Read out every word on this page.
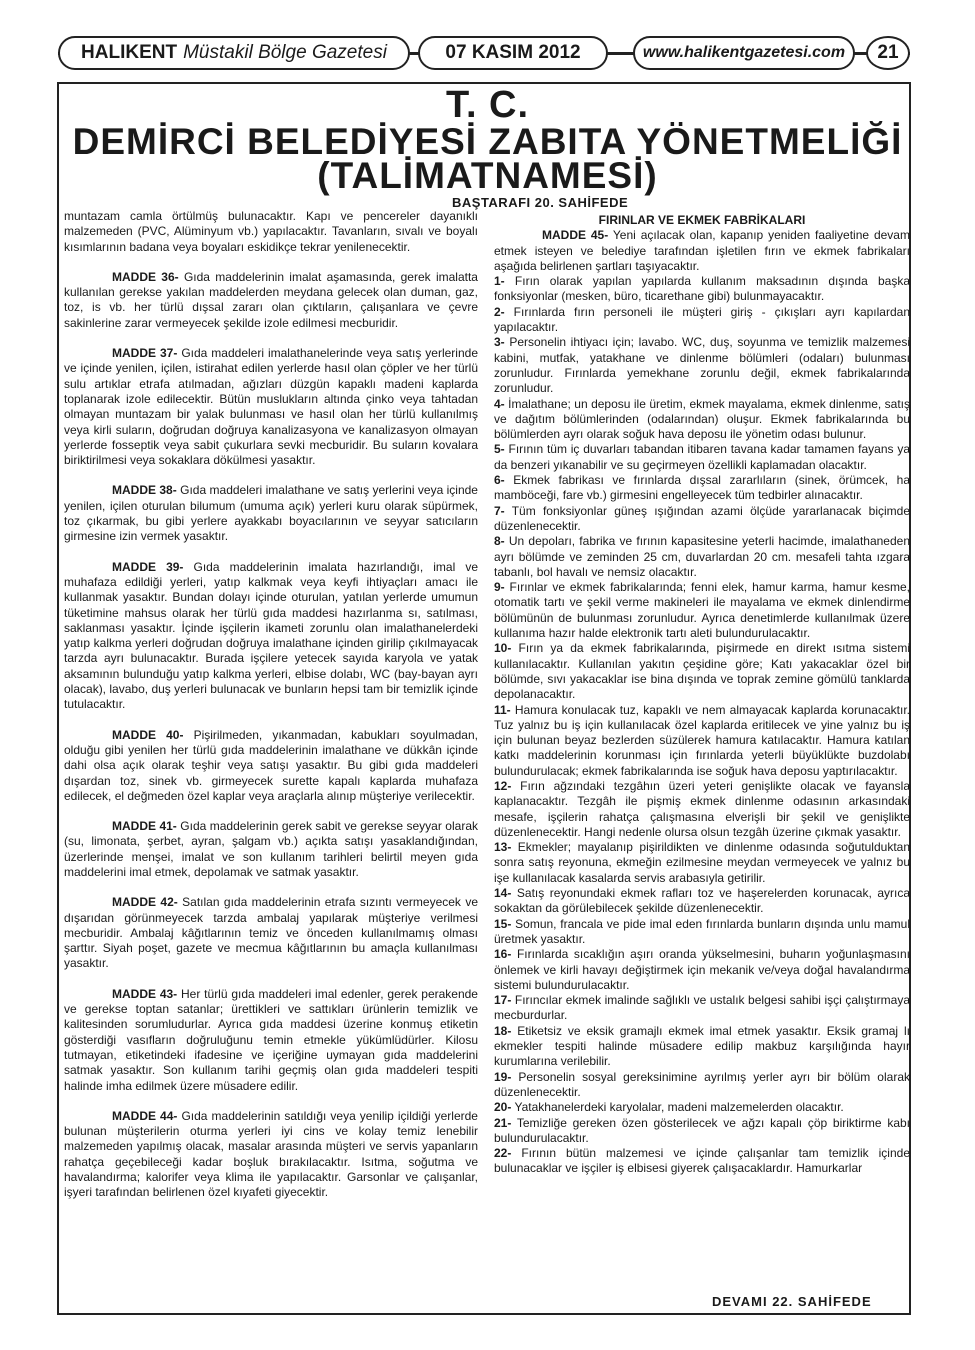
HALIKENT Müstakil Bölge Gazetesi	07 KASIM 2012	www.halikentgazetesi.com	21
T. C.
DEMİRCİ BELEDİYESİ ZABITA YÖNETMELİĞİ
(TALİMATNAMESİ)
BAŞTARAFI 20. SAHİFEDE

muntazam camla örtülmüş bulunacaktır. Kapı ve pencereler dayanıklı malzemeden (PVC, Alüminyum vb.) yapılacaktır. Tavanların, sıvalı ve boyalı kısımlarının badana veya boyaları eskidikçe tekrar yenilenecektir.

MADDE 36- Gıda maddelerinin imalat aşamasında, gerek imalatta kullanılan gerekse yakılan maddelerden meydana gelecek olan duman, gaz, toz, is vb. her türlü dışsal zararı olan çıktıların, çalışanlara ve çevre sakinlerine zarar vermeyecek şekilde izole edilmesi mecburidir.

MADDE 37- Gıda maddeleri imalathanelerinde veya satış yerlerinde ve içinde yenilen, içilen, istirahat edilen yerlerde hasıl olan çöpler ve her türlü sulu artıklar etrafa atılmadan, ağızları düzgün kapaklı madeni kaplarda toplanarak izole edilecektir. Bütün muslukların altında çinko veya tahtadan olmayan muntazam bir yalak bulunması ve hasıl olan her türlü kullanılmış veya kirli suların, doğrudan doğruya kanalizasyona ve kanalizasyon olmayan yerlerde fosseptik veya sabit çukurlara sevki mecburidir. Bu suların kovalara biriktirilmesi veya sokaklara dökülmesi yasaktır.

MADDE 38- Gıda maddeleri imalathane ve satış yerlerini veya içinde yenilen, içilen oturulan bilumum (umuma açık) yerleri kuru olarak süpürmek, toz çıkarmak, bu gibi yerlere ayakkabı boyacılarının ve seyyar satıcıların girmesine izin vermek yasaktır.

MADDE 39- Gıda maddelerinin imalata hazırlandığı, imal ve muhafaza edildiği yerleri, yatıp kalkmak veya keyfi ihtiyaçları amacı ile kullanmak yasaktır. Bundan dolayı içinde oturulan, yatılan yerlerde umumun tüketimine mahsus olarak her türlü gıda maddesi hazırlanma sı, satılması, saklanması yasaktır. İçinde işçilerin ikameti zorunlu olan imalathanelerdeki yatıp kalkma yerleri doğrudan doğruya imalathane içinden girilip çıkılmayacak tarzda ayrı bulunacaktır. Burada işçilere yetecek sayıda karyola ve yatak aksamının bulunduğu yatıp kalkma yerleri, elbise dolabı, WC (bay-bayan ayrı olacak), lavabo, duş yerleri bulunacak ve bunların hepsi tam bir temizlik içinde tutulacaktır.

MADDE 40- Pişirilmeden, yıkanmadan, kabukları soyulmadan, olduğu gibi yenilen her türlü gıda maddelerinin imalathane ve dükkân içinde dahi olsa açık olarak teşhir veya satışı yasaktır. Bu gibi gıda maddeleri dışardan toz, sinek vb. girmeyecek surette kapalı kaplarda muhafaza edilecek, el değmeden özel kaplar veya araçlarla alınıp müşteriye verilecektir.

MADDE 41- Gıda maddelerinin gerek sabit ve gerekse seyyar olarak (su, limonata, şerbet, ayran, şalgam vb.) açıkta satışı yasaklandığından, üzerlerinde menşei, imalat ve son kullanım tarihleri belirtil meyen gıda maddelerini imal etmek, depolamak ve satmak yasaktır.

MADDE 42- Satılan gıda maddelerinin etrafa sızıntı vermeyecek ve dışarıdan görünmeyecek tarzda ambalaj yapılarak müşteriye verilmesi mecburidir. Ambalaj kâğıtlarının temiz ve önceden kullanılmamış olması şarttır. Siyah poşet, gazete ve mecmua kâğıtlarının bu amaçla kullanılması yasaktır.

MADDE 43- Her türlü gıda maddeleri imal edenler, gerek perakende ve gerekse toptan satanlar; ürettikleri ve sattıkları ürünlerin temizlik ve kalitesinden sorumludurlar. Ayrıca gıda maddesi üzerine konmuş etiketin gösterdiği vasıfların doğruluğunu temin etmekle yükümlüdürler. Kilosu tutmayan, etiketindeki ifadesine ve içeriğine uymayan gıda maddelerini satmak yasaktır. Son kullanım tarihi geçmiş olan gıda maddeleri tespiti halinde imha edilmek üzere müsadere edilir.

MADDE 44- Gıda maddelerinin satıldığı veya yenilip içildiği yerlerde bulunan müşterilerin oturma yerleri iyi cins ve kolay temiz lenebilir malzemeden yapılmış olacak, masalar arasında müşteri ve servis yapanların rahatça geçebileceği kadar boşluk bırakılacaktır. Isıtma, soğutma ve havalandırma; kalorifer veya klima ile yapılacaktır. Garsonlar ve çalışanlar, işyeri tarafından belirlenen özel kıyafeti giyecektir.

FIRINLAR VE EKMEK FABRİKALARI

MADDE 45- Yeni açılacak olan, kapanıp yeniden faaliyetine devam etmek isteyen ve belediye tarafından işletilen fırın ve ekmek fabrikaları aşağıda belirlenen şartları taşıyacaktır.

1- Fırın olarak yapılan yapılarda kullanım maksadının dışında başka fonksiyonlar (mesken, büro, ticarethane gibi) bulunmayacaktır.

2- Fırınlarda fırın personeli ile müşteri giriş - çıkışları ayrı kapılardan yapılacaktır.

3- Personelin ihtiyacı için; lavabo. WC, duş, soyunma ve temizlik malzemesi kabini, mutfak, yatakhane ve dinlenme bölümleri (odaları) bulunması zorunludur. Fırınlarda yemekhane zorunlu değil, ekmek fabrikalarında zorunludur.

4- İmalathane; un deposu ile üretim, ekmek mayalama, ekmek dinlenme, satış ve dağıtım bölümlerinden (odalarından) oluşur. Ekmek fabrikalarında bu bölümlerden ayrı olarak soğuk hava deposu ile yönetim odası bulunur.

5- Fırının tüm iç duvarları tabandan itibaren tavana kadar tamamen fayans ya da benzeri yıkanabilir ve su geçirmeyen özellikli kaplamadan olacaktır.

6- Ekmek fabrikası ve fırınlarda dışsal zararlıların (sinek, örümcek, ha mamböceği, fare vb.) girmesini engelleyecek tüm tedbirler alınacaktır.

7- Tüm fonksiyonlar güneş ışığından azami ölçüde yararlanacak biçimde düzenlenecektir.

8- Un depoları, fabrika ve fırının kapasitesine yeterli hacimde, imalathaneden ayrı bölümde ve zeminden 25 cm, duvarlardan 20 cm. mesafeli tahta ızgara tabanlı, bol havalı ve nemsiz olacaktır.

9- Fırınlar ve ekmek fabrikalarında; fenni elek, hamur karma, hamur kesme, otomatik tartı ve şekil verme makineleri ile mayalama ve ekmek dinlendirme bölümünün de bulunması zorunludur. Ayrıca denetimlerde kullanılmak üzere kullanıma hazır halde elektronik tartı aleti bulundurulacaktır.

10- Fırın ya da ekmek fabrikalarında, pişirmede en direkt ısıtma sistemi kullanılacaktır. Kullanılan yakıtın çeşidine göre; Katı yakacaklar özel bir bölümde, sıvı yakacaklar ise bina dışında ve toprak zemine gömülü tanklarda depolanacaktır.

11- Hamura konulacak tuz, kapaklı ve nem almayacak kaplarda korunacaktır. Tuz yalnız bu iş için kullanılacak özel kaplarda eritilecek ve yine yalnız bu iş için bulunan beyaz bezlerden süzülerek hamura katılacaktır. Hamura katılan katkı maddelerinin korunması için fırınlarda yeterli büyüklükte buzdolabı bulundurulacak; ekmek fabrikalarında ise soğuk hava deposu yaptırılacaktır.

12- Fırın ağzındaki tezgâhın üzeri yeteri genişlikte olacak ve fayansla kaplanacaktır. Tezgâh ile pişmiş ekmek dinlenme odasının arkasındaki mesafe, işçilerin rahatça çalışmasına elverişli bir şekil ve genişlikte düzenlenecektir. Hangi nedenle olursa olsun tezgâh üzerine çıkmak yasaktır.

13- Ekmekler; mayalanıp pişirildikten ve dinlenme odasında soğutulduktan sonra satış reyonuna, ekmeğin ezilmesine meydan vermeyecek ve yalnız bu işe kullanılacak kasalarda servis arabasıyla getirilir.

14- Satış reyonundaki ekmek rafları toz ve haşerelerden korunacak, ayrıca sokaktan da görülebilecek şekilde düzenlenecektir.

15- Somun, francala ve pide imal eden fırınlarda bunların dışında unlu mamul üretmek yasaktır.

16- Fırınlarda sıcaklığın aşırı oranda yükselmesini, buharın yoğunlaşmasını önlemek ve kirli havayı değiştirmek için mekanik ve/veya doğal havalandırma sistemi bulundurulacaktır.

17- Fırıncılar ekmek imalinde sağlıklı ve ustalık belgesi sahibi işçi çalıştırmaya mecburdurlar.

18- Etiketsiz ve eksik gramajlı ekmek imal etmek yasaktır. Eksik gramaj lı ekmekler tespiti halinde müsadere edilip makbuz karşılığında hayır kurumlarına verilebilir.

19- Personelin sosyal gereksinimine ayrılmış yerler ayrı bir bölüm olarak düzenlenecektir.

20- Yatakhanelerdeki karyolalar, madeni malzemelerden olacaktır.

21- Temizliğe gereken özen gösterilecek ve ağzı kapalı çöp biriktirme kabı bulundurulacaktır.

22- Fırının bütün malzemesi ve içinde çalışanlar tam temizlik içinde bulunacaklar ve işçiler iş elbisesi giyerek çalışacaklardır. Hamurkarlar

DEVAMI 22. SAHİFEDE
